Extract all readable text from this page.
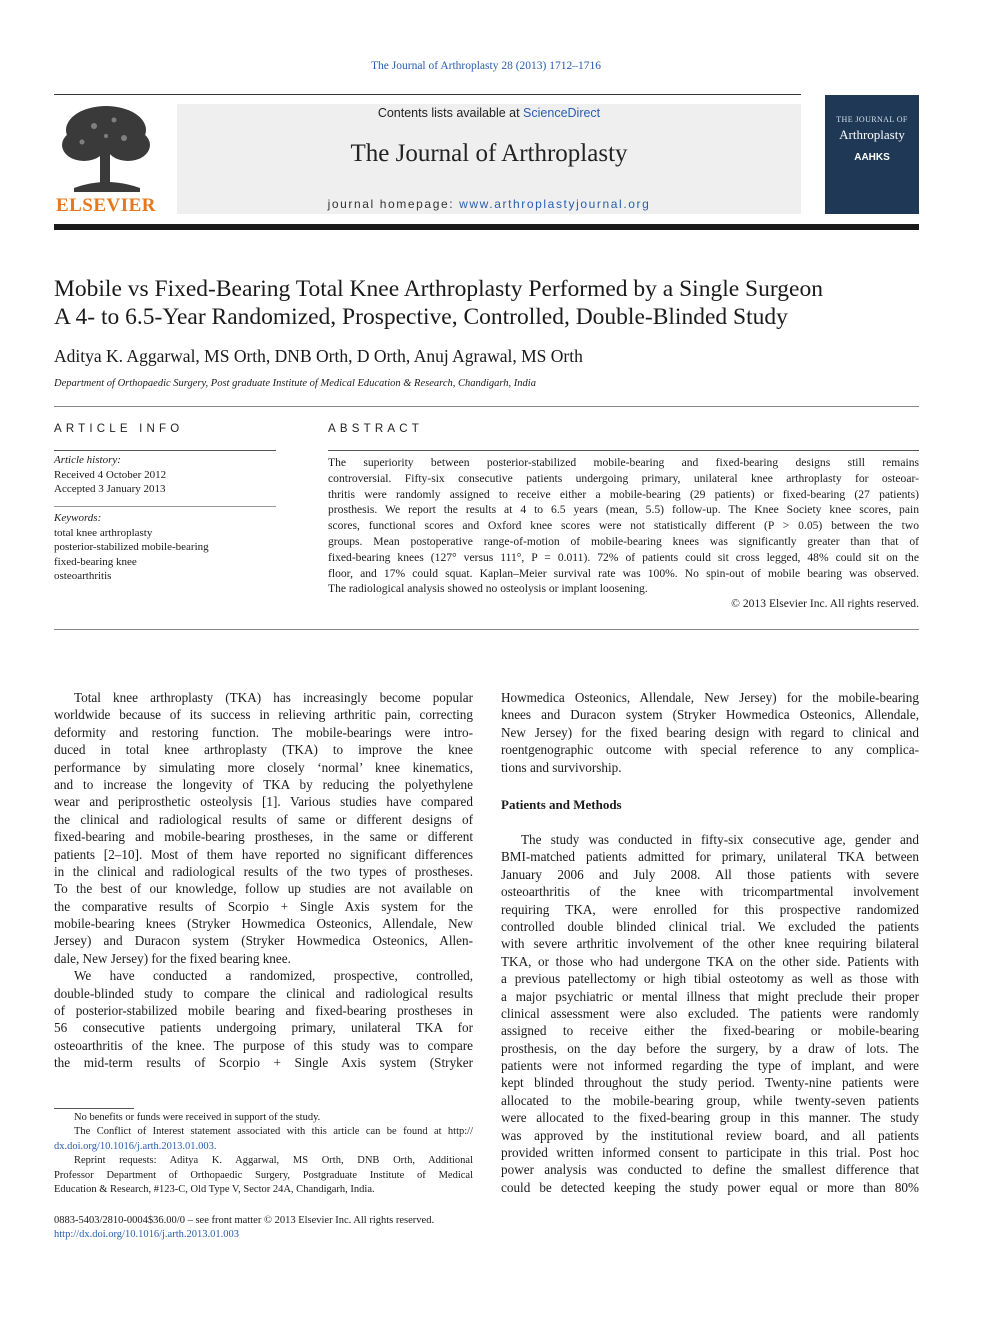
The Journal of Arthroplasty 28 (2013) 1712–1716
ELSEVIER
Contents lists available at ScienceDirect
The Journal of Arthroplasty
journal homepage: www.arthroplastyjournal.org
THE JOURNAL OF
Arthroplasty
AAHKS
Mobile vs Fixed-Bearing Total Knee Arthroplasty Performed by a Single Surgeon
A 4- to 6.5-Year Randomized, Prospective, Controlled, Double-Blinded Study
Aditya K. Aggarwal, MS Orth, DNB Orth, D Orth, Anuj Agrawal, MS Orth
Department of Orthopaedic Surgery, Post graduate Institute of Medical Education & Research, Chandigarh, India
ARTICLE INFO
Article history:
Received 4 October 2012
Accepted 3 January 2013
Keywords:
total knee arthroplasty
posterior-stabilized mobile-bearing
fixed-bearing knee
osteoarthritis
ABSTRACT
The superiority between posterior-stabilized mobile-bearing and fixed-bearing designs still remains
controversial. Fifty-six consecutive patients undergoing primary, unilateral knee arthroplasty for osteoar-
thritis were randomly assigned to receive either a mobile-bearing (29 patients) or fixed-bearing (27 patients)
prosthesis. We report the results at 4 to 6.5 years (mean, 5.5) follow-up. The Knee Society knee scores, pain
scores, functional scores and Oxford knee scores were not statistically different (P > 0.05) between the two
groups. Mean postoperative range-of-motion of mobile-bearing knees was significantly greater than that of
fixed-bearing knees (127° versus 111°, P = 0.011). 72% of patients could sit cross legged, 48% could sit on the
floor, and 17% could squat. Kaplan–Meier survival rate was 100%. No spin-out of mobile bearing was observed.
The radiological analysis showed no osteolysis or implant loosening.
© 2013 Elsevier Inc. All rights reserved.
Total knee arthroplasty (TKA) has increasingly become popular
worldwide because of its success in relieving arthritic pain, correcting
deformity and restoring function. The mobile-bearings were intro-
duced in total knee arthroplasty (TKA) to improve the knee
performance by simulating more closely ‘normal’ knee kinematics,
and to increase the longevity of TKA by reducing the polyethylene
wear and periprosthetic osteolysis [1]. Various studies have compared
the clinical and radiological results of same or different designs of
fixed-bearing and mobile-bearing prostheses, in the same or different
patients [2–10]. Most of them have reported no significant differences
in the clinical and radiological results of the two types of prostheses.
To the best of our knowledge, follow up studies are not available on
the comparative results of Scorpio + Single Axis system for the
mobile-bearing knees (Stryker Howmedica Osteonics, Allendale, New
Jersey) and Duracon system (Stryker Howmedica Osteonics, Allen-
dale, New Jersey) for the fixed bearing knee.
We have conducted a randomized, prospective, controlled,
double-blinded study to compare the clinical and radiological results
of posterior-stabilized mobile bearing and fixed-bearing prostheses in
56 consecutive patients undergoing primary, unilateral TKA for
osteoarthritis of the knee. The purpose of this study was to compare
the mid-term results of Scorpio + Single Axis system (Stryker
Howmedica Osteonics, Allendale, New Jersey) for the mobile-bearing
knees and Duracon system (Stryker Howmedica Osteonics, Allendale,
New Jersey) for the fixed bearing design with regard to clinical and
roentgenographic outcome with special reference to any complica-
tions and survivorship.
Patients and Methods
The study was conducted in fifty-six consecutive age, gender and
BMI-matched patients admitted for primary, unilateral TKA between
January 2006 and July 2008. All those patients with severe
osteoarthritis of the knee with tricompartmental involvement
requiring TKA, were enrolled for this prospective randomized
controlled double blinded clinical trial. We excluded the patients
with severe arthritic involvement of the other knee requiring bilateral
TKA, or those who had undergone TKA on the other side. Patients with
a previous patellectomy or high tibial osteotomy as well as those with
a major psychiatric or mental illness that might preclude their proper
clinical assessment were also excluded. The patients were randomly
assigned to receive either the fixed-bearing or mobile-bearing
prosthesis, on the day before the surgery, by a draw of lots. The
patients were not informed regarding the type of implant, and were
kept blinded throughout the study period. Twenty-nine patients were
allocated to the mobile-bearing group, while twenty-seven patients
were allocated to the fixed-bearing group in this manner. The study
was approved by the institutional review board, and all patients
provided written informed consent to participate in this trial. Post hoc
power analysis was conducted to define the smallest difference that
could be detected keeping the study power equal or more than 80%
No benefits or funds were received in support of the study.
The Conflict of Interest statement associated with this article can be found at http://
dx.doi.org/10.1016/j.arth.2013.01.003.
Reprint requests: Aditya K. Aggarwal, MS Orth, DNB Orth, Additional
Professor Department of Orthopaedic Surgery, Postgraduate Institute of Medical
Education & Research, #123-C, Old Type V, Sector 24A, Chandigarh, India.
0883-5403/2810-0004$36.00/0 – see front matter © 2013 Elsevier Inc. All rights reserved.
http://dx.doi.org/10.1016/j.arth.2013.01.003
